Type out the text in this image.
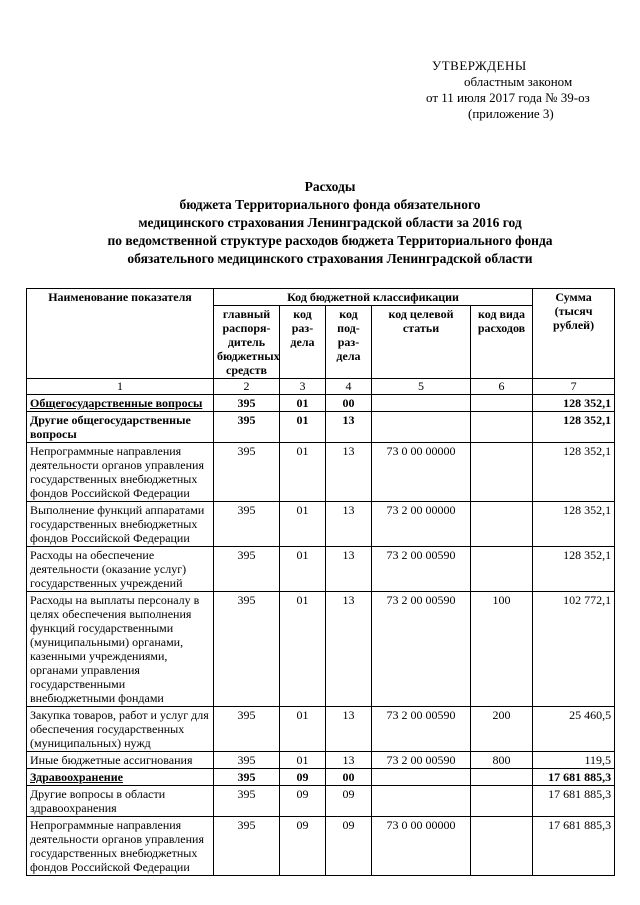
УТВЕРЖДЕНЫ
областным законом
от 11 июля 2017 года № 39-оз
(приложение 3)
Расходы
бюджета Территориального фонда обязательного
медицинского страхования Ленинградской области за 2016 год
по ведомственной структуре расходов бюджета Территориального фонда
обязательного медицинского страхования Ленинградской области
Наименование показателя	Код бюджетной классификации					Сумма (тысяч рублей)
	главный распоря-дитель бюджетных средств	код раз-дела	код под-раз-дела	код целевой статьи	код вида расходов	
1	2	3	4	5	6	7
Общегосударственные вопросы	395	01	00			128 352,1
Другие общегосударственные вопросы	395	01	13			128 352,1
Непрограммные направления деятельности органов управления государственных внебюджетных фондов Российской Федерации	395	01	13	73 0 00 00000		128 352,1
Выполнение функций аппаратами государственных внебюджетных фондов Российской Федерации	395	01	13	73 2 00 00000		128 352,1
Расходы на обеспечение деятельности (оказание услуг) государственных учреждений	395	01	13	73 2 00 00590		128 352,1
Расходы на выплаты персоналу в целях обеспечения выполнения функций государственными (муниципальными) органами, казенными учреждениями, органами управления государственными внебюджетными фондами	395	01	13	73 2 00 00590	100	102 772,1
Закупка товаров, работ и услуг для обеспечения государственных (муниципальных) нужд	395	01	13	73 2 00 00590	200	25 460,5
Иные бюджетные ассигнования	395	01	13	73 2 00 00590	800	119,5
Здравоохранение	395	09	00			17 681 885,3
Другие вопросы в области здравоохранения	395	09	09			17 681 885,3
Непрограммные направления деятельности органов управления государственных внебюджетных фондов Российской Федерации	395	09	09	73 0 00 00000		17 681 885,3
